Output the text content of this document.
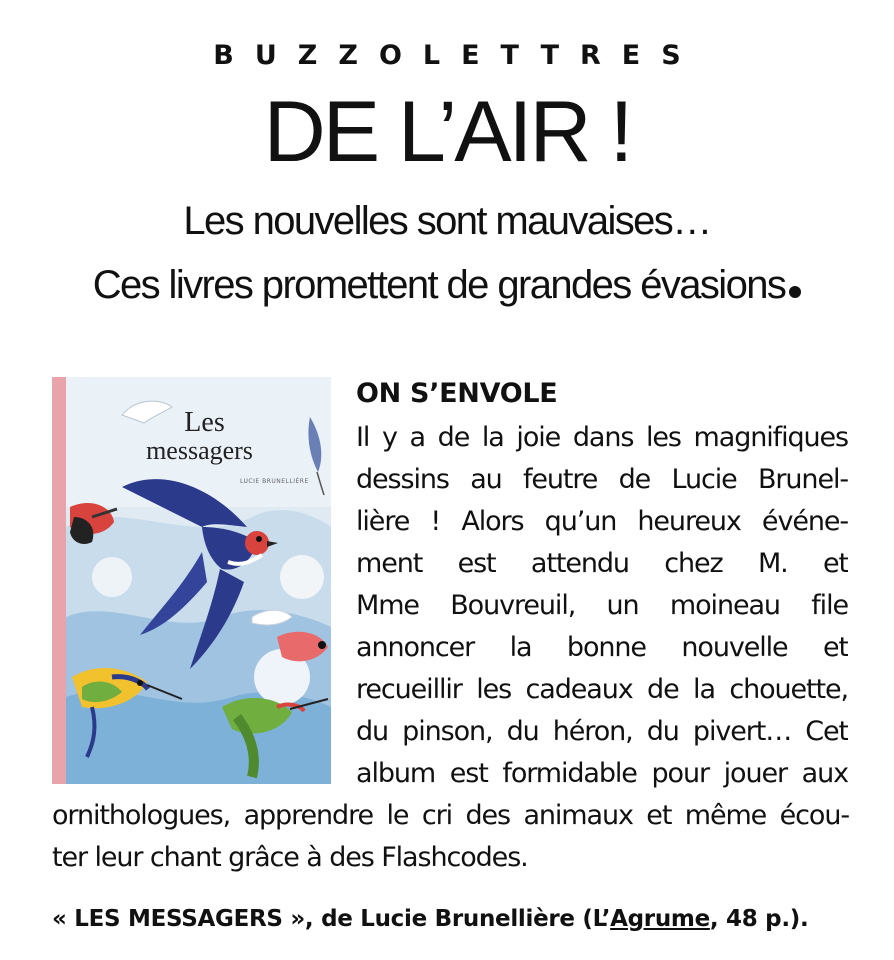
BUZZOLETTRES
DE L’AIR !
Les nouvelles sont mauvaises…
Ces livres promettent de grandes évasions
Les
messagers
LUCIE BRUNELLIÈRE
ON S’ENVOLE
Il y a de la joie dans les magnifiques
dessins au feutre de Lucie Brunel-
lière ! Alors qu’un heureux événe-
ment est attendu chez M. et
Mme Bouvreuil, un moineau file
annoncer la bonne nouvelle et
recueillir les cadeaux de la chouette,
du pinson, du héron, du pivert… Cet
album est formidable pour jouer aux
ornithologues, apprendre le cri des animaux et même écou-
ter leur chant grâce à des Flashcodes.
« LES MESSAGERS », de Lucie Brunellière (L’Agrume, 48 p.).
